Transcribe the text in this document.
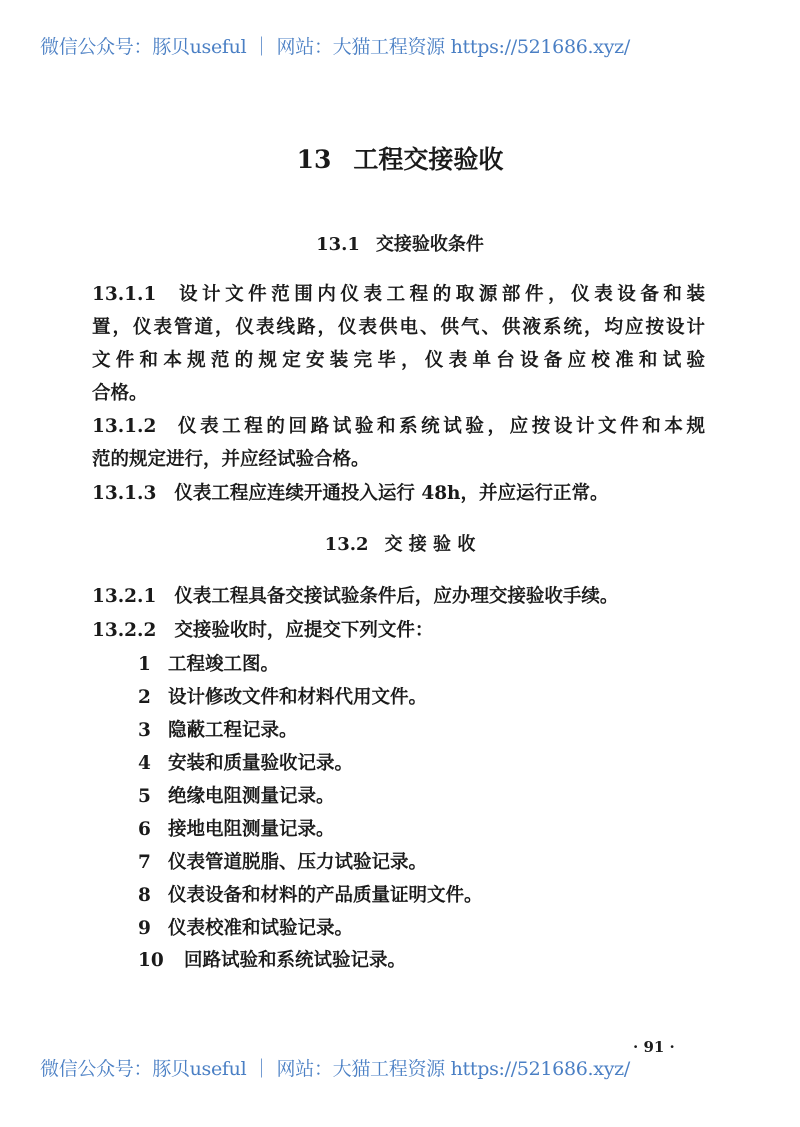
微信公众号：豚贝useful ｜ 网站：大猫工程资源 https://521686.xyz/
13 工程交接验收
13.1 交接验收条件
13.1.1 设计文件范围内仪表工程的取源部件，仪表设备和装
置，仪表管道，仪表线路，仪表供电、供气、供液系统，均应按设计
文件和本规范的规定安装完毕，仪表单台设备应校准和试验
合格。
13.1.2 仪表工程的回路试验和系统试验，应按设计文件和本规
范的规定进行，并应经试验合格。
13.1.3 仪表工程应连续开通投入运行 48h，并应运行正常。
13.2 交 接 验 收
13.2.1 仪表工程具备交接试验条件后，应办理交接验收手续。
13.2.2 交接验收时，应提交下列文件：
1 工程竣工图。
2 设计修改文件和材料代用文件。
3 隐蔽工程记录。
4 安装和质量验收记录。
5 绝缘电阻测量记录。
6 接地电阻测量记录。
7 仪表管道脱脂、压力试验记录。
8 仪表设备和材料的产品质量证明文件。
9 仪表校准和试验记录。
10 回路试验和系统试验记录。
· 91 ·
微信公众号：豚贝useful ｜ 网站：大猫工程资源 https://521686.xyz/
